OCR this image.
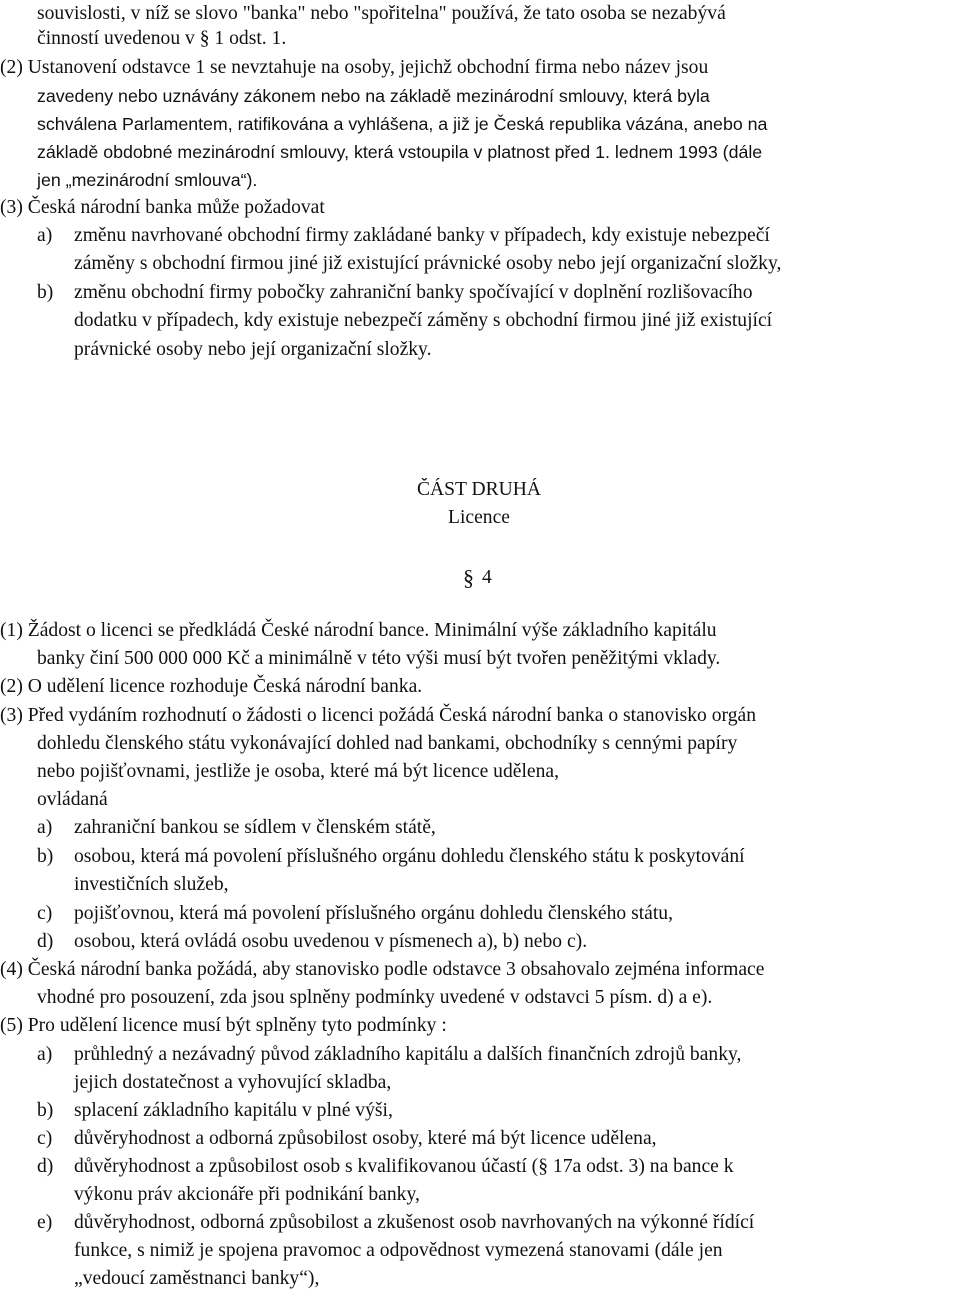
souvislosti, v níž se slovo "banka" nebo "spořitelna" používá, že tato osoba se nezabývá
činností uvedenou v § 1 odst. 1.
(2) Ustanovení odstavce 1 se nevztahuje na osoby, jejichž obchodní firma nebo název jsou
zavedeny nebo uznávány zákonem nebo na základě mezinárodní smlouvy, která byla
schválena Parlamentem, ratifikována a vyhlášena, a již je Česká republika vázána, anebo na
základě obdobné mezinárodní smlouvy, která vstoupila v platnost před 1. lednem 1993 (dále
jen „mezinárodní smlouva“).
(3) Česká národní banka může požadovat
a) změnu navrhované obchodní firmy zakládané banky v případech, kdy existuje nebezpečí
záměny s obchodní firmou jiné již existující právnické osoby nebo její organizační složky,
b) změnu obchodní firmy pobočky zahraniční banky spočívající v doplnění rozlišovacího
dodatku v případech, kdy existuje nebezpečí záměny s obchodní firmou jiné již existující
právnické osoby nebo její organizační složky.
ČÁST DRUHÁ
Licence
§ 4
(1) Žádost o licenci se předkládá České národní bance. Minimální výše základního kapitálu
banky činí 500 000 000 Kč a minimálně v této výši musí být tvořen peněžitými vklady.
(2) O udělení licence rozhoduje Česká národní banka.
(3) Před vydáním rozhodnutí o žádosti o licenci požádá Česká národní banka o stanovisko orgán
dohledu členského státu vykonávající dohled nad bankami, obchodníky s cennými papíry
nebo pojišťovnami, jestliže je osoba, které má být licence udělena,
ovládaná
a) zahraniční bankou se sídlem v členském státě,
b) osobou, která má povolení příslušného orgánu dohledu členského státu k poskytování
investičních služeb,
c) pojišťovnou, která má povolení příslušného orgánu dohledu členského státu,
d) osobou, která ovládá osobu uvedenou v písmenech a), b) nebo c).
(4) Česká národní banka požádá, aby stanovisko podle odstavce 3 obsahovalo zejména informace
vhodné pro posouzení, zda jsou splněny podmínky uvedené v odstavci 5 písm. d) a e).
(5) Pro udělení licence musí být splněny tyto podmínky :
a) průhledný a nezávadný původ základního kapitálu a dalších finančních zdrojů banky,
jejich dostatečnost a vyhovující skladba,
b) splacení základního kapitálu v plné výši,
c) důvěryhodnost a odborná způsobilost osoby, které má být licence udělena,
d) důvěryhodnost a způsobilost osob s kvalifikovanou účastí (§ 17a odst. 3) na bance k
výkonu práv akcionáře při podnikání banky,
e) důvěryhodnost, odborná způsobilost a zkušenost osob navrhovaných na výkonné řídící
funkce, s nimiž je spojena pravomoc a odpovědnost vymezená stanovami (dále jen
„vedoucí zaměstnanci banky“),
